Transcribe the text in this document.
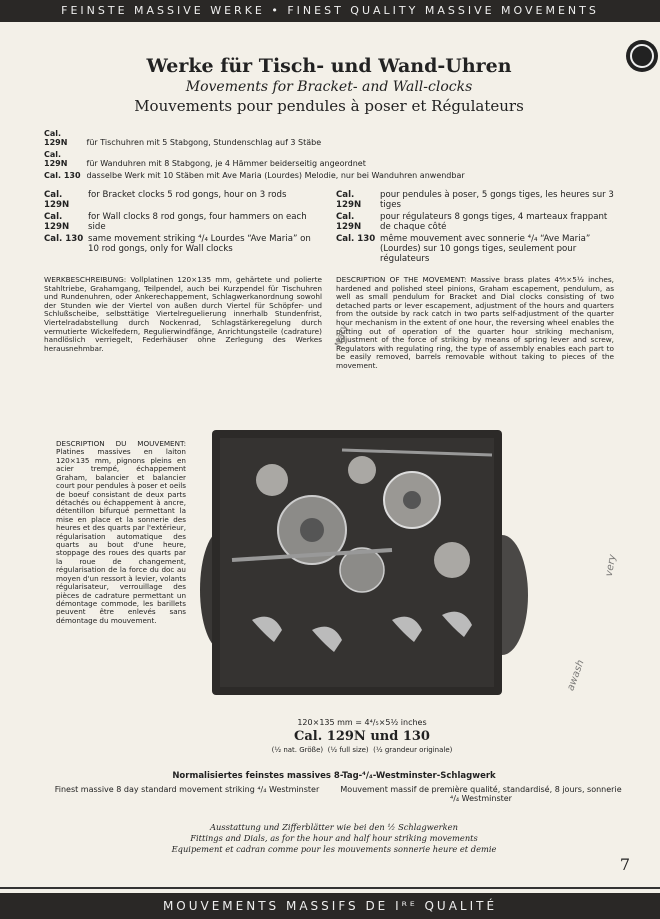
FEINSTE MASSIVE WERKE • FINEST QUALITY MASSIVE MOVEMENTS
Werke für Tisch- und Wand-Uhren
Movements for Bracket- and Wall-clocks
Mouvements pour pendules à poser et Régulateurs
Cal. 129N für Tischuhren mit 5 Stabgong, Stundenschlag auf 3 Stäbe
Cal. 129N für Wanduhren mit 8 Stabgong, je 4 Hämmer beiderseitig angeordnet
Cal. 130 dasselbe Werk mit 10 Stäben mit Ave Maria (Lourdes) Melodie, nur bei Wanduhren anwendbar
Cal. 129N
for Bracket clocks 5 rod gongs, hour on 3 rods
Cal. 129N
for Wall clocks 8 rod gongs, four hammers on each side
Cal. 130 same movement striking ⁴/₄ Lourdes “Ave Maria” on 10 rod gongs, only for Wall clocks
Cal. 129N
pour pendules à poser, 5 gongs tiges, les heures sur 3 tiges
Cal. 129N
pour régulateurs 8 gongs tiges, 4 marteaux frappant de chaque côté
Cal. 130 même mouvement avec sonnerie ⁴/₄ “Ave Maria” (Lourdes) sur 10 gongs tiges, seulement pour régulateurs
WERKBESCHREIBUNG: Vollplatinen 120×135 mm, gehärtete und polierte Stahltriebe, Grahamgang, Teilpendel, auch bei Kurzpendel für Tischuhren und Rundenuhren, oder Ankerechappement, Schlagwerkanordnung sowohl der Stunden wie der Viertel von außen durch Viertel für Schöpfer- und Schlußscheibe, selbsttätige Viertelreguelierung innerhalb Stundenfrist, Viertelradabstellung durch Nockenrad, Schlagstärkeregelung durch vermutierte Wickelfedern, Regulierwindfänge, Anrichtungsteile (cadrature) handlöslich verriegelt, Federhäuser ohne Zerlegung des Werkes herausnehmbar.
DESCRIPTION OF THE MOVEMENT: Massive brass plates 4⁴⁄₅×5½ inches, hardened and polished steel pinions, Graham escapement, pendulum, as well as small pendulum for Bracket and Dial clocks consisting of two detached parts or lever escapement, adjustment of the hours and quarters from the outside by rack catch in two parts self-adjustment of the quarter hour mechanism in the extent of one hour, the reversing wheel enables the putting out of operation of the quarter hour striking mechanism, adjustment of the force of striking by means of spring lever and screw, Regulators with regulating ring, the type of assembly enables each part to be easily removed, barrels removable without taking to pieces of the movement.
DESCRIPTION DU MOUVEMENT: Platines massives en laiton 120×135 mm, pignons pleins en acier trempé, échappement Graham, balancier et balancier court pour pendules à poser et oeils de boeuf consistant de deux parts détachés ou échappement à ancre, détentillon bifurqué permettant la mise en place et la sonnerie des heures et des quarts par l'extérieur, régularisation automatique des quarts au bout d'une heure, stoppage des roues des quarts par la roue de changement, régularisation de la force du doc au moyen d'un ressort à levier, volants régularisateur, verrouillage des pièces de cadrature permettant un démontage commode, les barillets peuvent être enlevés sans démontage du mouvement.
120×135 mm = 4⁴/₅×5½ inches
Cal. 129N und 130
(½ nat. Größe) (½ full size) (½ grandeur originale)
Normalisiertes feinstes massives 8-Tag-⁴/₄-Westminster-Schlagwerk
Finest massive 8 day standard movement striking ⁴/₄ Westminster	Mouvement massif de première qualité, standardisé, 8 jours, sonnerie ⁴/₄ Westminster
Ausstattung und Zifferblätter wie bei den ½ Schlagwerken
Fittings and Dials, as for the hour and half hour striking movements
Equipement et cadran comme pour les mouvements sonnerie heure et demie
7
Nary
awash
very
MOUVEMENTS MASSIFS DE Iᴿᴱ QUALITÉ
